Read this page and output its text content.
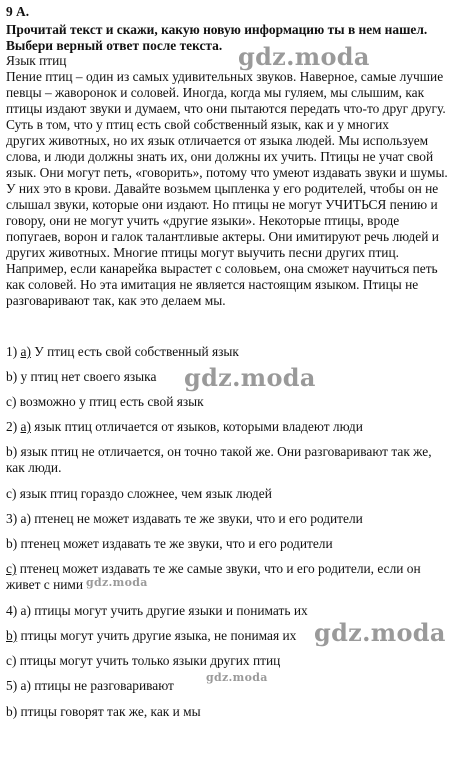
9 А.
Прочитай текст и скажи, какую новую информацию ты в нем нашел.
Выбери верный ответ после текста.
Язык птиц
Пение птиц – один из самых удивительных звуков. Наверное, самые лучшие
певцы – жаворонок и соловей. Иногда, когда мы гуляем, мы слышим, как
птицы издают звуки и думаем, что они пытаются передать что-то друг другу.
Суть в том, что у птиц есть свой собственный язык, как и у многих
других животных, но их язык отличается от языка людей. Мы используем
слова, и люди должны знать их, они должны их учить. Птицы не учат свой
язык. Они могут петь, «говорить», потому что умеют издавать звуки и шумы.
У них это в крови. Давайте возьмем цыпленка у его родителей, чтобы он не
слышал звуки, которые они издают. Но птицы не могут УЧИТЬСЯ пению и
говору, они не могут учить «другие языки». Некоторые птицы, вроде
попугаев, ворон и галок талантливые актеры. Они имитируют речь людей и
других животных. Многие птицы могут выучить песни других птиц.
Например, если канарейка вырастет с соловьем, она сможет научиться петь
как соловей. Но эта имитация не является настоящим языком. Птицы не
разговаривают так, как это делаем мы.
1) a) У птиц есть свой собственный язык
b) у птиц нет своего языка
c) возможно у птиц есть свой язык
2) a) язык птиц отличается от языков, которыми владеют люди
b) язык птиц не отличается, он точно такой же. Они разговаривают так же,
как люди.
c) язык птиц гораздо сложнее, чем язык людей
3) а) птенец не может издавать те же звуки, что и его родители
b) птенец может издавать те же звуки, что и его родители
c) птенец может издавать те же самые звуки, что и его родители, если он
живет с ними
4) а) птицы могут учить другие языки и понимать их
b) птицы могут учить другие языка, не понимая их
c) птицы могут учить только языки других птиц
5) а) птицы не разговаривают
b) птицы говорят так же, как и мы
gdz.moda
gdz.moda
gdz.moda
gdz.moda
gdz.moda
